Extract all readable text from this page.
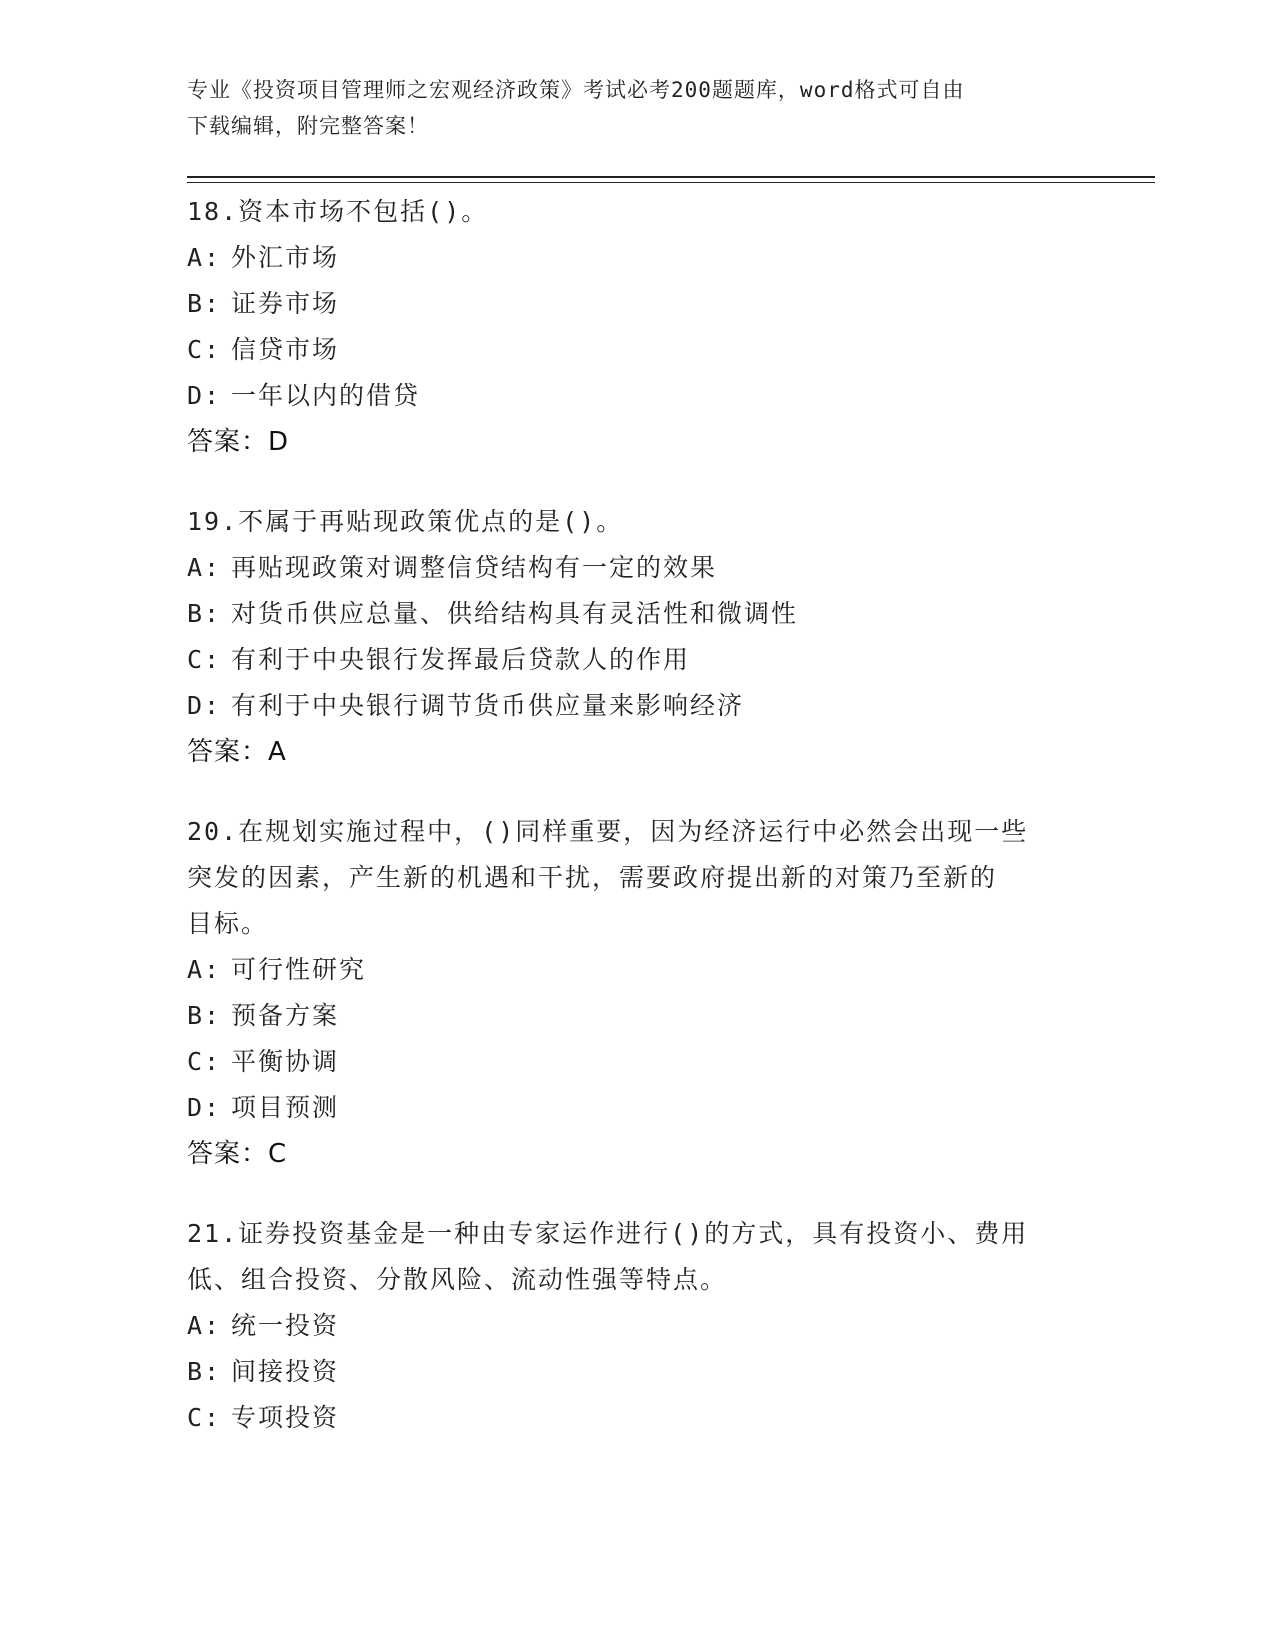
专业《投资项目管理师之宏观经济政策》考试必考200题题库，word格式可自由
下载编辑，附完整答案！
18.资本市场不包括()。
A: 外汇市场
B: 证券市场
C: 信贷市场
D: 一年以内的借贷
答案：D
19.不属于再贴现政策优点的是()。
A: 再贴现政策对调整信贷结构有一定的效果
B: 对货币供应总量、供给结构具有灵活性和微调性
C: 有利于中央银行发挥最后贷款人的作用
D: 有利于中央银行调节货币供应量来影响经济
答案：A
20.在规划实施过程中，()同样重要，因为经济运行中必然会出现一些
突发的因素，产生新的机遇和干扰，需要政府提出新的对策乃至新的
目标。
A: 可行性研究
B: 预备方案
C: 平衡协调
D: 项目预测
答案：C
21.证券投资基金是一种由专家运作进行()的方式，具有投资小、费用
低、组合投资、分散风险、流动性强等特点。
A: 统一投资
B: 间接投资
C: 专项投资
